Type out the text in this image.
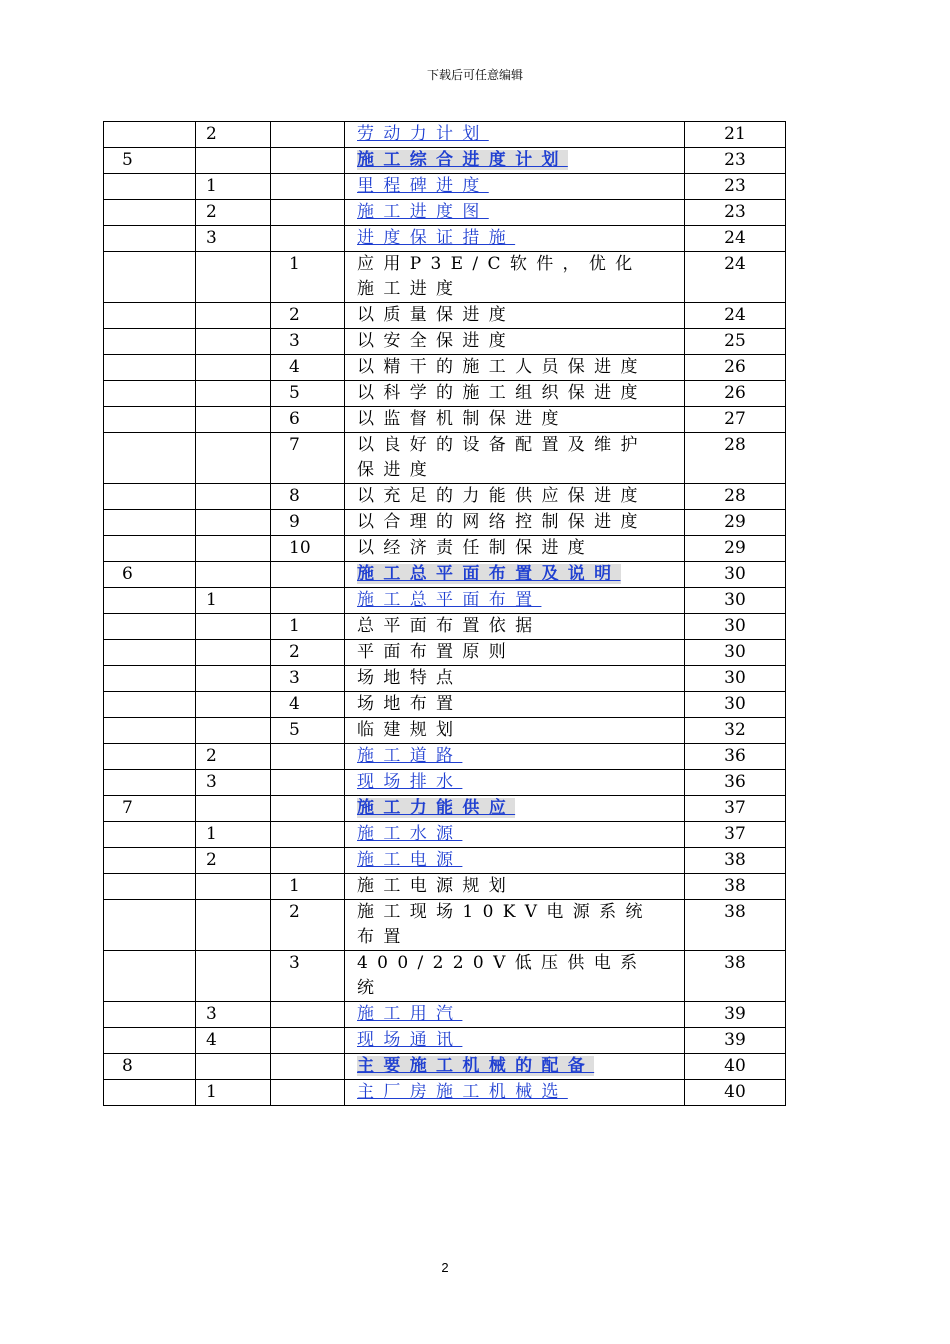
下载后可任意编辑
	2		劳动力计划	21
5			施工综合进度计划	23
	1		里程碑进度	23
	2		施工进度图	23
	3		进度保证措施	24
		1	应用P3E/C软件，优化施工进度	24
		2	以质量保进度	24
		3	以安全保进度	25
		4	以精干的施工人员保进度	26
		5	以科学的施工组织保进度	26
		6	以监督机制保进度	27
		7	以良好的设备配置及维护保进度	28
		8	以充足的力能供应保进度	28
		9	以合理的网络控制保进度	29
		10	以经济责任制保进度	29
6			施工总平面布置及说明	30
	1		施工总平面布置	30
		1	总平面布置依据	30
		2	平面布置原则	30
		3	场地特点	30
		4	场地布置	30
		5	临建规划	32
	2		施工道路	36
	3		现场排水	36
7			施工力能供应	37
	1		施工水源	37
	2		施工电源	38
		1	施工电源规划	38
		2	施工现场10KV电源系统布置	38
		3	400/220V低压供电系统	38
	3		施工用汽	39
	4		现场通讯	39
8			主要施工机械的配备	40
	1		主厂房施工机械选	40
2
